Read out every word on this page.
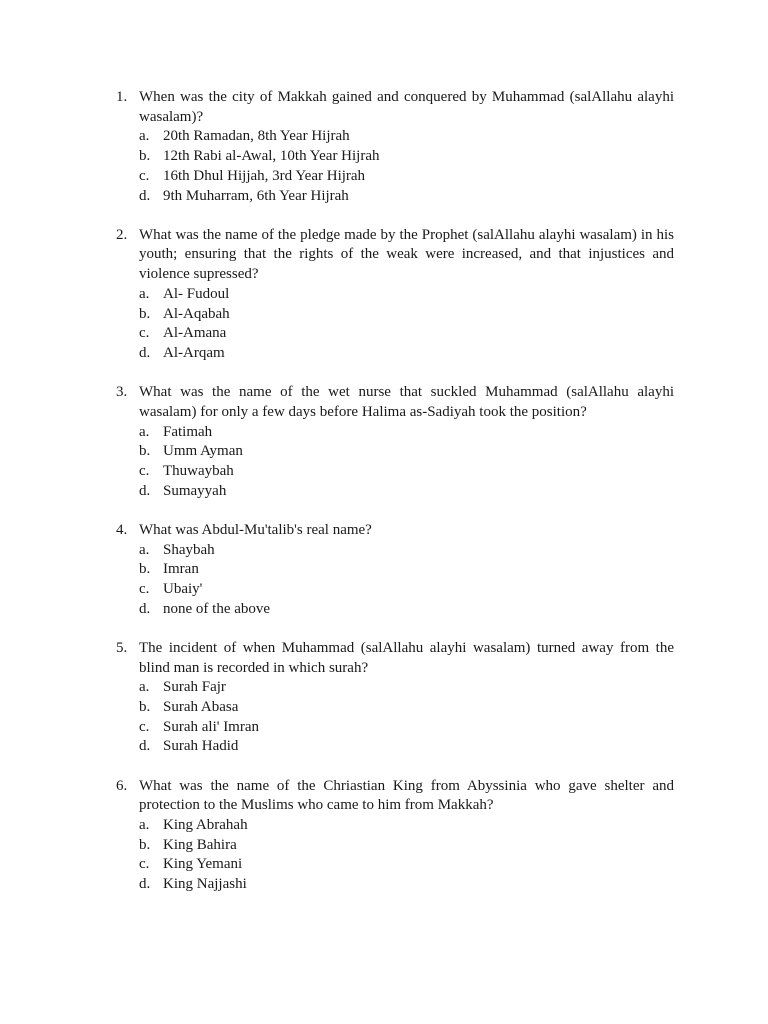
1. When was the city of Makkah gained and conquered by Muhammad (salAllahu alayhi wasalam)?
a. 20th Ramadan, 8th Year Hijrah
b. 12th Rabi al-Awal, 10th Year Hijrah
c. 16th Dhul Hijjah, 3rd Year Hijrah
d. 9th Muharram, 6th Year Hijrah
2. What was the name of the pledge made by the Prophet (salAllahu alayhi wasalam) in his youth; ensuring that the rights of the weak were increased, and that injustices and violence supressed?
a. Al- Fudoul
b. Al-Aqabah
c. Al-Amana
d. Al-Arqam
3. What was the name of the wet nurse that suckled Muhammad (salAllahu alayhi wasalam) for only a few days before Halima as-Sadiyah took the position?
a. Fatimah
b. Umm Ayman
c. Thuwaybah
d. Sumayyah
4. What was Abdul-Mu'talib's real name?
a. Shaybah
b. Imran
c. Ubaiy'
d. none of the above
5. The incident of when Muhammad (salAllahu alayhi wasalam) turned away from the blind man is recorded in which surah?
a. Surah Fajr
b. Surah Abasa
c. Surah ali' Imran
d. Surah Hadid
6. What was the name of the Chriastian King from Abyssinia who gave shelter and protection to the Muslims who came to him from Makkah?
a. King Abrahah
b. King Bahira
c. King Yemani
d. King Najjashi
